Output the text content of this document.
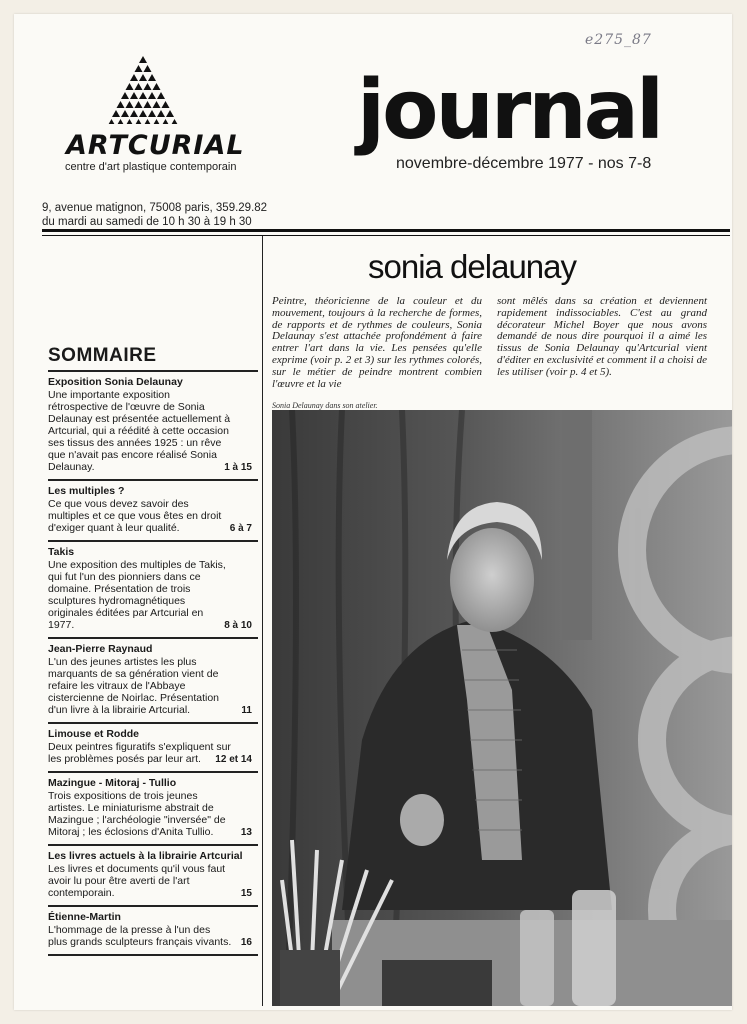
e275_87
ARTCURIAL
centre d'art plastique contemporain
journal
novembre-décembre 1977 - nos 7-8
9, avenue matignon, 75008 paris, 359.29.82
du mardi au samedi de 10 h 30 à 19 h 30
SOMMAIRE
Exposition Sonia Delaunay
Une importante exposition rétrospective de l'œuvre de Sonia Delaunay est présentée actuellement à Artcurial, qui a réédité à cette occasion ses tissus des années 1925 : un rêve que n'avait pas encore réalisé Sonia Delaunay.	1 à 15
Les multiples ?
Ce que vous devez savoir des multiples et ce que vous êtes en droit d'exiger quant à leur qualité.	6 à 7
Takis
Une exposition des multiples de Takis, qui fut l'un des pionniers dans ce domaine. Présentation de trois sculptures hydromagnétiques originales éditées par Artcurial en 1977.	8 à 10
Jean-Pierre Raynaud
L'un des jeunes artistes les plus marquants de sa génération vient de refaire les vitraux de l'Abbaye cistercienne de Noirlac. Présentation d'un livre à la librairie Artcurial.	11
Limouse et Rodde
Deux peintres figuratifs s'expliquent sur les problèmes posés par leur art.	12 et 14
Mazingue - Mitoraj - Tullio
Trois expositions de trois jeunes artistes. Le miniaturisme abstrait de Mazingue ; l'archéologie "inversée" de Mitoraj ; les éclosions d'Anita Tullio.	13
Les livres actuels à la librairie Artcurial
Les livres et documents qu'il vous faut avoir lu pour être averti de l'art contemporain.	15
Étienne-Martin
L'hommage de la presse à l'un des plus grands sculpteurs français vivants. 16
sonia delaunay
Peintre, théoricienne de la couleur et du mouvement, toujours à la recherche de formes, de rapports et de rythmes de couleurs, Sonia Delaunay s'est attachée profondément à faire entrer l'art dans la vie. Les pensées qu'elle exprime (voir p. 2 et 3) sur les rythmes colorés, sur le métier de peindre montrent combien l'œuvre et la vie
sont mêlés dans sa création et deviennent rapidement indissociables. C'est au grand décorateur Michel Boyer que nous avons demandé de nous dire pourquoi il a aimé les tissus de Sonia Delaunay qu'Artcurial vient d'éditer en exclusivité et comment il a choisi de les utiliser (voir p. 4 et 5).
Sonia Delaunay dans son atelier.
